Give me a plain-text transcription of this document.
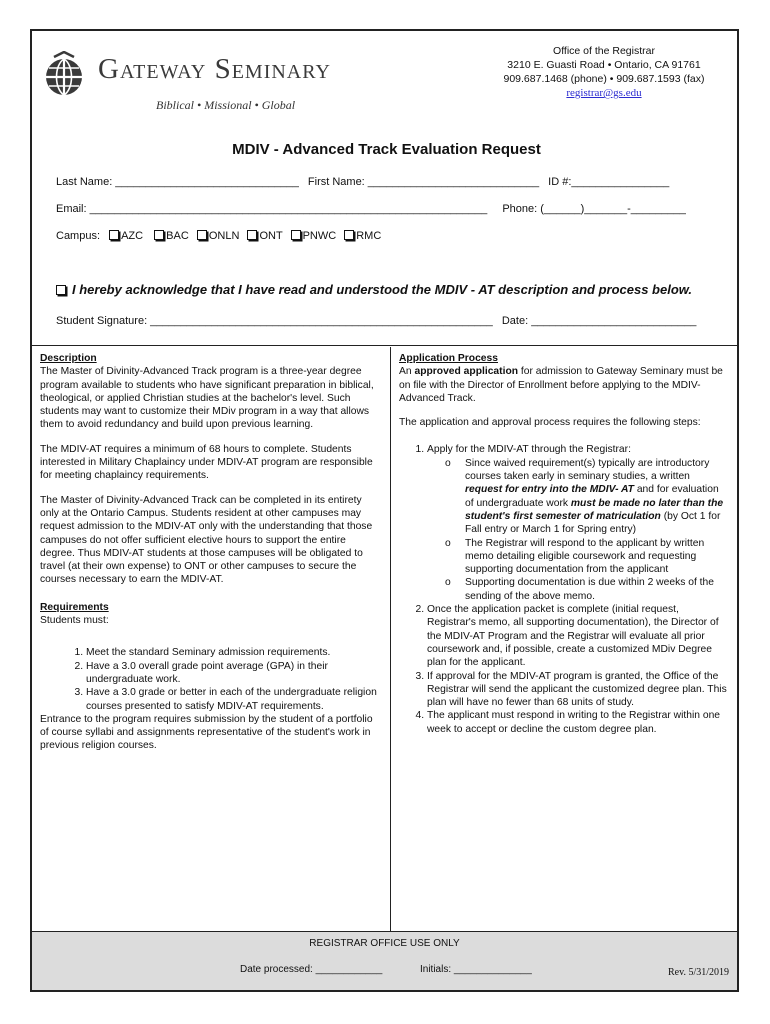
Gateway Seminary
Biblical • Missional • Global
Office of the Registrar
3210 E. Guasti Road • Ontario, CA 91761
909.687.1468 (phone) • 909.687.1593 (fax)
registrar@gs.edu
MDIV - Advanced Track Evaluation Request
Last Name: ______________________________ First Name: ____________________________ ID #:________________
Email: _________________________________________________________________ Phone: (______)_______-_________
Campus: AZC BAC ONLN ONT PNWC RMC
I hereby acknowledge that I have read and understood the MDIV - AT description and process below.
Student Signature: ________________________________________________________ Date: ___________________________
Description

The Master of Divinity-Advanced Track program is a three-year degree program available to students who have significant preparation in biblical, theological, or applied Christian studies at the bachelor's level. Such students may want to customize their MDiv program in a way that allows them to avoid redundancy and build upon previous learning.

The MDIV-AT requires a minimum of 68 hours to complete. Students interested in Military Chaplaincy under MDIV-AT program are responsible for meeting chaplaincy requirements.

The Master of Divinity-Advanced Track can be completed in its entirety only at the Ontario Campus. Students resident at other campuses may request admission to the MDIV-AT only with the understanding that those campuses do not offer sufficient elective hours to support the entire degree. Thus MDIV-AT students at those campuses will be obligated to travel (at their own expense) to ONT or other campuses to secure the courses necessary to earn the MDIV-AT.

Requirements
Students must:
1. Meet the standard Seminary admission requirements.
2. Have a 3.0 overall grade point average (GPA) in their undergraduate work.
3. Have a 3.0 grade or better in each of the undergraduate religion courses presented to satisfy MDIV-AT requirements.
Entrance to the program requires submission by the student of a portfolio of course syllabi and assignments representative of the student's work in previous religion courses.
Application Process

An approved application for admission to Gateway Seminary must be on file with the Director of Enrollment before applying to the MDIV-Advanced Track.

The application and approval process requires the following steps:

1. Apply for the MDIV-AT through the Registrar:
o Since waived requirement(s) typically are introductory courses taken early in seminary studies, a written request for entry into the MDIV- AT and for evaluation of undergraduate work must be made no later than the student's first semester of matriculation (by Oct 1 for Fall entry or March 1 for Spring entry)
o The Registrar will respond to the applicant by written memo detailing eligible coursework and requesting supporting documentation from the applicant
o Supporting documentation is due within 2 weeks of the sending of the above memo.
2. Once the application packet is complete (initial request, Registrar's memo, all supporting documentation), the Director of the MDIV-AT Program and the Registrar will evaluate all prior coursework and, if possible, create a customized MDiv Degree plan for the applicant.
3. If approval for the MDIV-AT program is granted, the Office of the Registrar will send the applicant the customized degree plan. This plan will have no fewer than 68 units of study.
4. The applicant must respond in writing to the Registrar within one week to accept or decline the custom degree plan.
REGISTRAR OFFICE USE ONLY
Date processed: ____________	Initials: ______________	Rev. 5/31/2019
